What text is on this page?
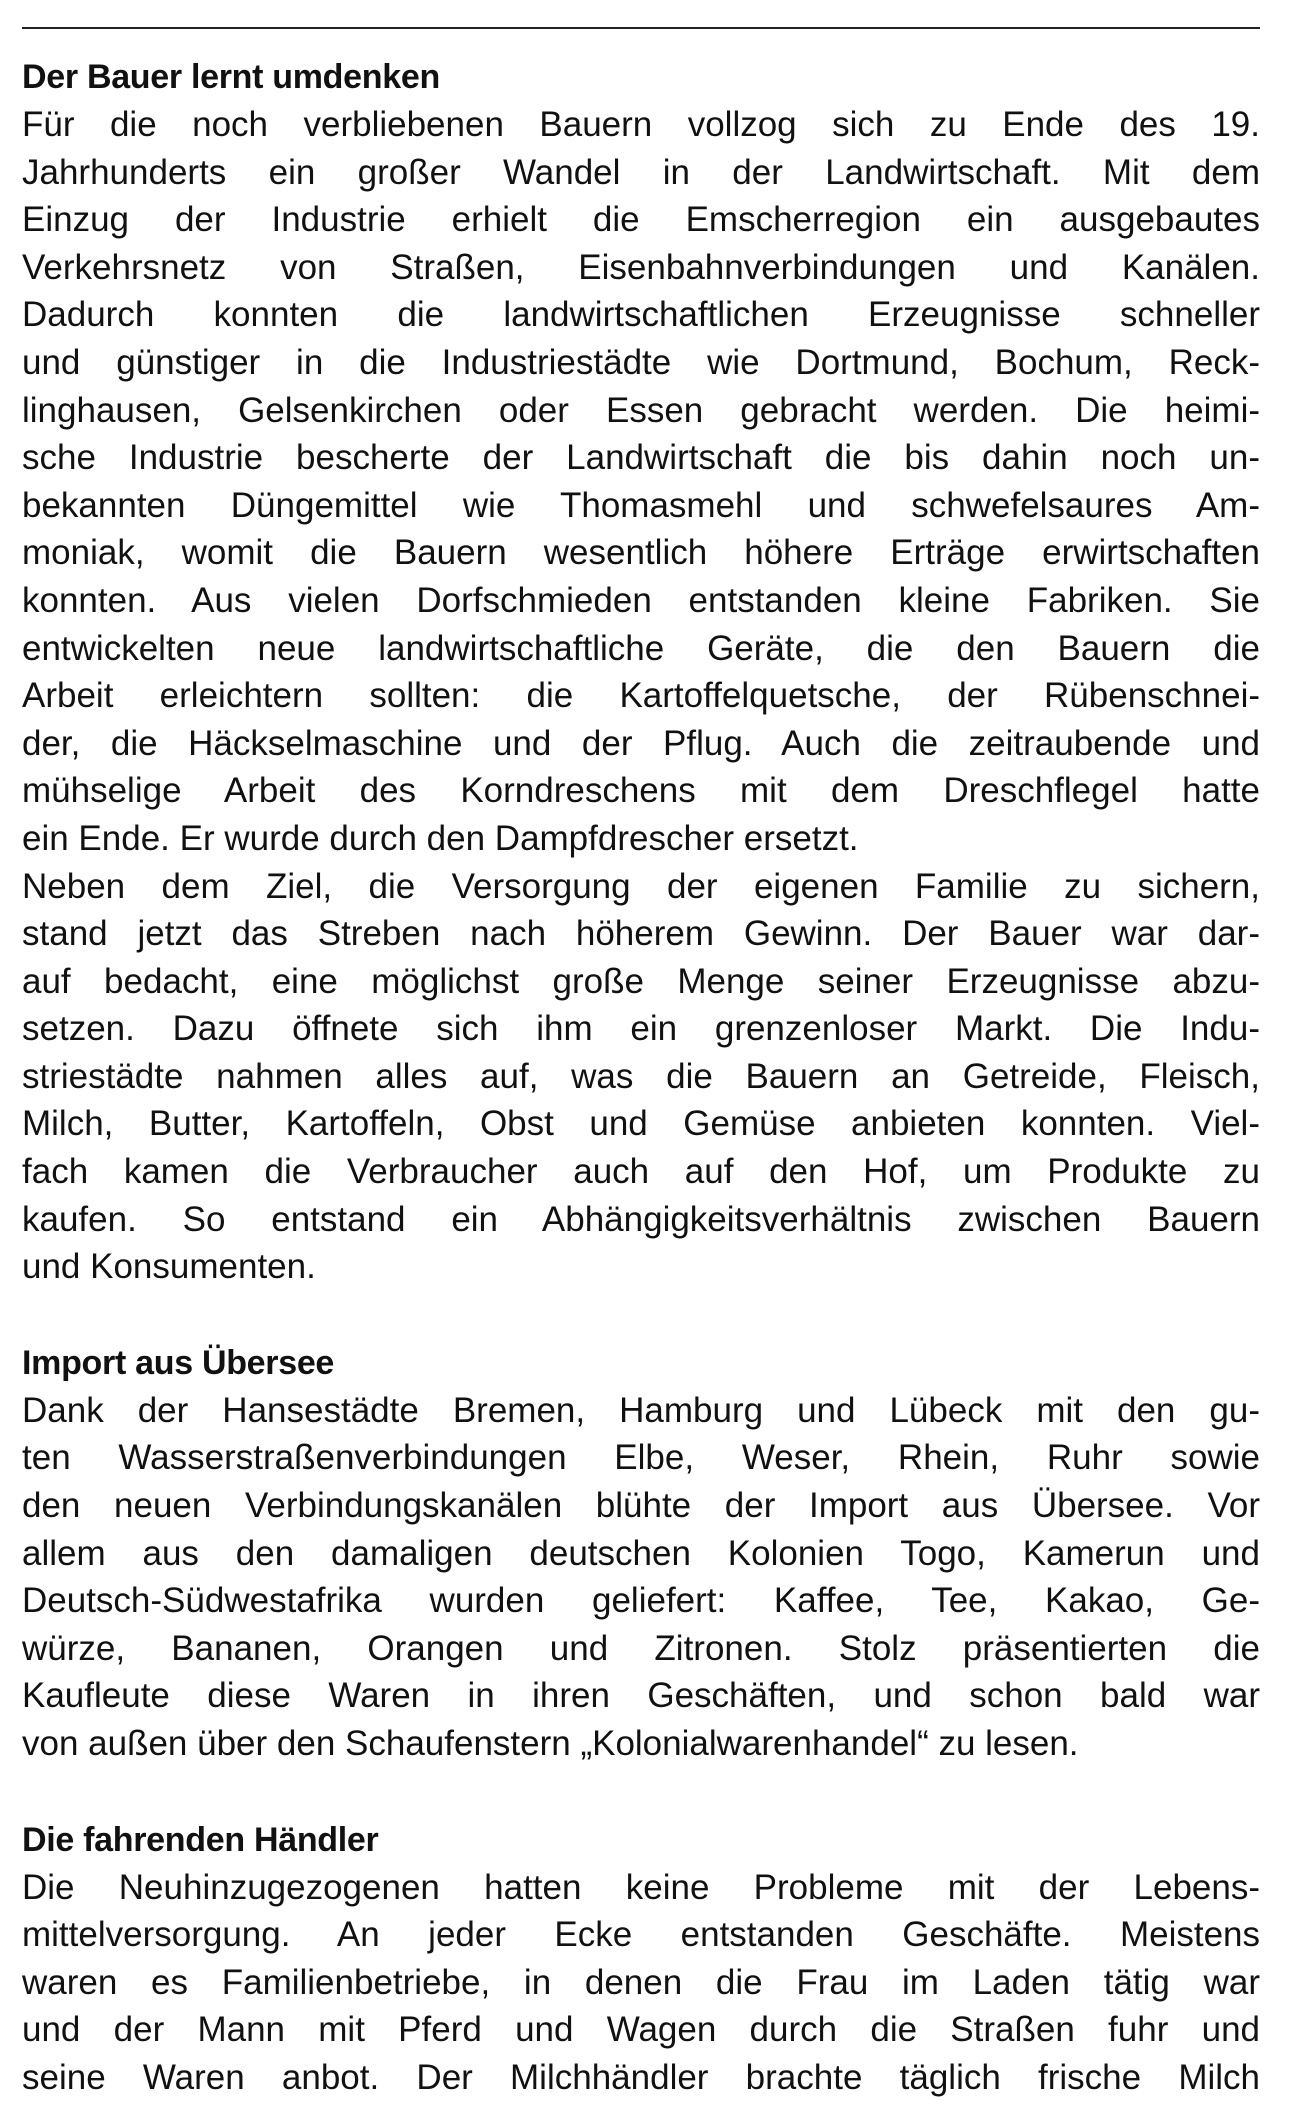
Der Bauer lernt umdenken
Für die noch verbliebenen Bauern vollzog sich zu Ende des 19.
Jahrhunderts ein großer Wandel in der Landwirtschaft. Mit dem
Einzug der Industrie erhielt die Emscherregion ein ausgebautes
Verkehrsnetz von Straßen, Eisenbahnverbindungen und Kanälen.
Dadurch konnten die landwirtschaftlichen Erzeugnisse schneller
und günstiger in die Industriestädte wie Dortmund, Bochum, Reck-
linghausen, Gelsenkirchen oder Essen gebracht werden. Die heimi-
sche Industrie bescherte der Landwirtschaft die bis dahin noch un-
bekannten Düngemittel wie Thomasmehl und schwefelsaures Am-
moniak, womit die Bauern wesentlich höhere Erträge erwirtschaften
konnten. Aus vielen Dorfschmieden entstanden kleine Fabriken. Sie
entwickelten neue landwirtschaftliche Geräte, die den Bauern die
Arbeit erleichtern sollten: die Kartoffelquetsche, der Rübenschnei-
der, die Häckselmaschine und der Pflug. Auch die zeitraubende und
mühselige Arbeit des Korndreschens mit dem Dreschflegel hatte
ein Ende. Er wurde durch den Dampfdrescher ersetzt.
Neben dem Ziel, die Versorgung der eigenen Familie zu sichern,
stand jetzt das Streben nach höherem Gewinn. Der Bauer war dar-
auf bedacht, eine möglichst große Menge seiner Erzeugnisse abzu-
setzen. Dazu öffnete sich ihm ein grenzenloser Markt. Die Indu-
striestädte nahmen alles auf, was die Bauern an Getreide, Fleisch,
Milch, Butter, Kartoffeln, Obst und Gemüse anbieten konnten. Viel-
fach kamen die Verbraucher auch auf den Hof, um Produkte zu
kaufen. So entstand ein Abhängigkeitsverhältnis zwischen Bauern
und Konsumenten.
Import aus Übersee
Dank der Hansestädte Bremen, Hamburg und Lübeck mit den gu-
ten Wasserstraßenverbindungen Elbe, Weser, Rhein, Ruhr sowie
den neuen Verbindungskanälen blühte der Import aus Übersee. Vor
allem aus den damaligen deutschen Kolonien Togo, Kamerun und
Deutsch-Südwestafrika wurden geliefert: Kaffee, Tee, Kakao, Ge-
würze, Bananen, Orangen und Zitronen. Stolz präsentierten die
Kaufleute diese Waren in ihren Geschäften, und schon bald war
von außen über den Schaufenstern „Kolonialwarenhandel“ zu lesen.
Die fahrenden Händler
Die Neuhinzugezogenen hatten keine Probleme mit der Lebens-
mittelversorgung. An jeder Ecke entstanden Geschäfte. Meistens
waren es Familienbetriebe, in denen die Frau im Laden tätig war
und der Mann mit Pferd und Wagen durch die Straßen fuhr und
seine Waren anbot. Der Milchhändler brachte täglich frische Milch
